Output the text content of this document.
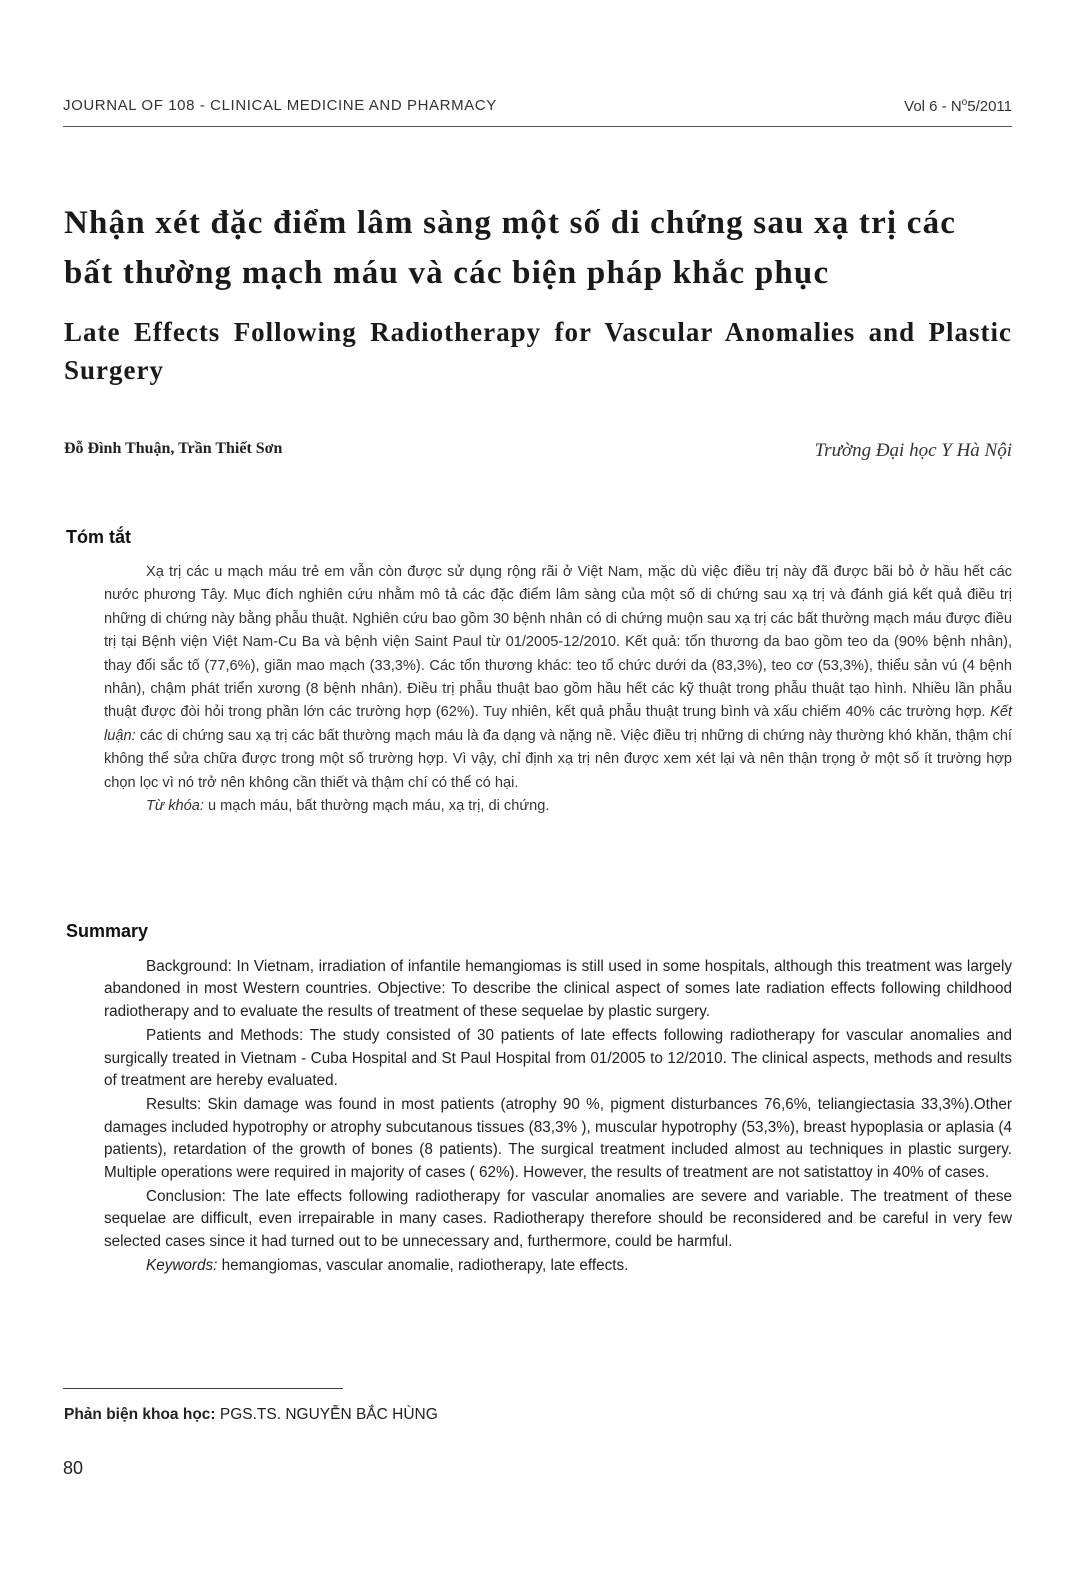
JOURNAL OF 108 - CLINICAL MEDICINE AND PHARMACY	Vol $6 - N^o5/2011$
Nhận xét đặc điểm lâm sàng một số di chứng sau xạ trị các bất thường mạch máu và các biện pháp khắc phục
Late Effects Following Radiotherapy for Vascular Anomalies and Plastic Surgery
Đỗ Đình Thuận, Trần Thiết Sơn	Trường Đại học Y Hà Nội
Tóm tắt

Xạ trị các u mạch máu trẻ em vẫn còn được sử dụng rộng rãi ở Việt Nam, mặc dù việc điều trị này đã được bãi bỏ ở hầu hết các nước phương Tây. Mục đích nghiên cứu nhằm mô tả các đặc điểm lâm sàng của một số di chứng sau xạ trị và đánh giá kết quả điều trị những di chứng này bằng phẫu thuật. Nghiên cứu bao gồm 30 bệnh nhân có di chứng muộn sau xạ trị các bất thường mạch máu được điều trị tại Bệnh viện Việt Nam-Cu Ba và bệnh viện Saint Paul từ 01/2005-12/2010. Kết quả: tổn thương da bao gồm teo da (90% bệnh nhân), thay đổi sắc tố (77,6%), giãn mao mạch (33,3%). Các tổn thương khác: teo tổ chức dưới da (83,3%), teo cơ (53,3%), thiểu sản vú (4 bệnh nhân), chậm phát triển xương (8 bệnh nhân). Điều trị phẫu thuật bao gồm hầu hết các kỹ thuật trong phẫu thuật tạo hình. Nhiều lần phẫu thuật được đòi hỏi trong phần lớn các trường hợp (62%). Tuy nhiên, kết quả phẫu thuật trung bình và xấu chiếm 40% các trường hợp. Kết luận: các di chứng sau xạ trị các bất thường mạch máu là đa dạng và nặng nề. Việc điều trị những di chứng này thường khó khăn, thậm chí không thể sửa chữa được trong một số trường hợp. Vì vậy, chỉ định xạ trị nên được xem xét lại và nên thận trọng ở một số ít trường hợp chọn lọc vì nó trở nên không cần thiết và thậm chí có thể có hại.

Từ khóa: u mạch máu, bất thường mạch máu, xạ trị, di chứng.

Summary

Background: In Vietnam, irradiation of infantile hemangiomas is still used in some hospitals, although this treatment was largely abandoned in most Western countries. Objective: To describe the clinical aspect of somes late radiation effects following childhood radiotherapy and to evaluate the results of treatment of these sequelae by plastic surgery.

Patients and Methods: The study consisted of 30 patients of late effects following radiotherapy for vascular anomalies and surgically treated in Vietnam - Cuba Hospital and St Paul Hospital from 01/2005 to 12/2010. The clinical aspects, methods and results of treatment are hereby evaluated.

Results: Skin damage was found in most patients (atrophy 90 %, pigment disturbances 76,6%, teliangiectasia 33,3%).Other damages included hypotrophy or atrophy subcutanous tissues (83,3% ), muscular hypotrophy (53,3%), breast hypoplasia or aplasia (4 patients), retardation of the growth of bones (8 patients). The surgical treatment included almost au techniques in plastic surgery. Multiple operations were required in majority of cases ( 62%). However, the results of treatment are not satistattoy in 40% of cases.

Conclusion: The late effects following radiotherapy for vascular anomalies are severe and variable. The treatment of these sequelae are difficult, even irrepairable in many cases. Radiotherapy therefore should be reconsidered and be careful in very few selected cases since it had turned out to be unnecessary and, furthermore, could be harmful.

Keywords: hemangiomas, vascular anomalie, radiotherapy, late effects.

Phản biện khoa học: PGS.TS. NGUYỄN BẮC HÙNG
80
